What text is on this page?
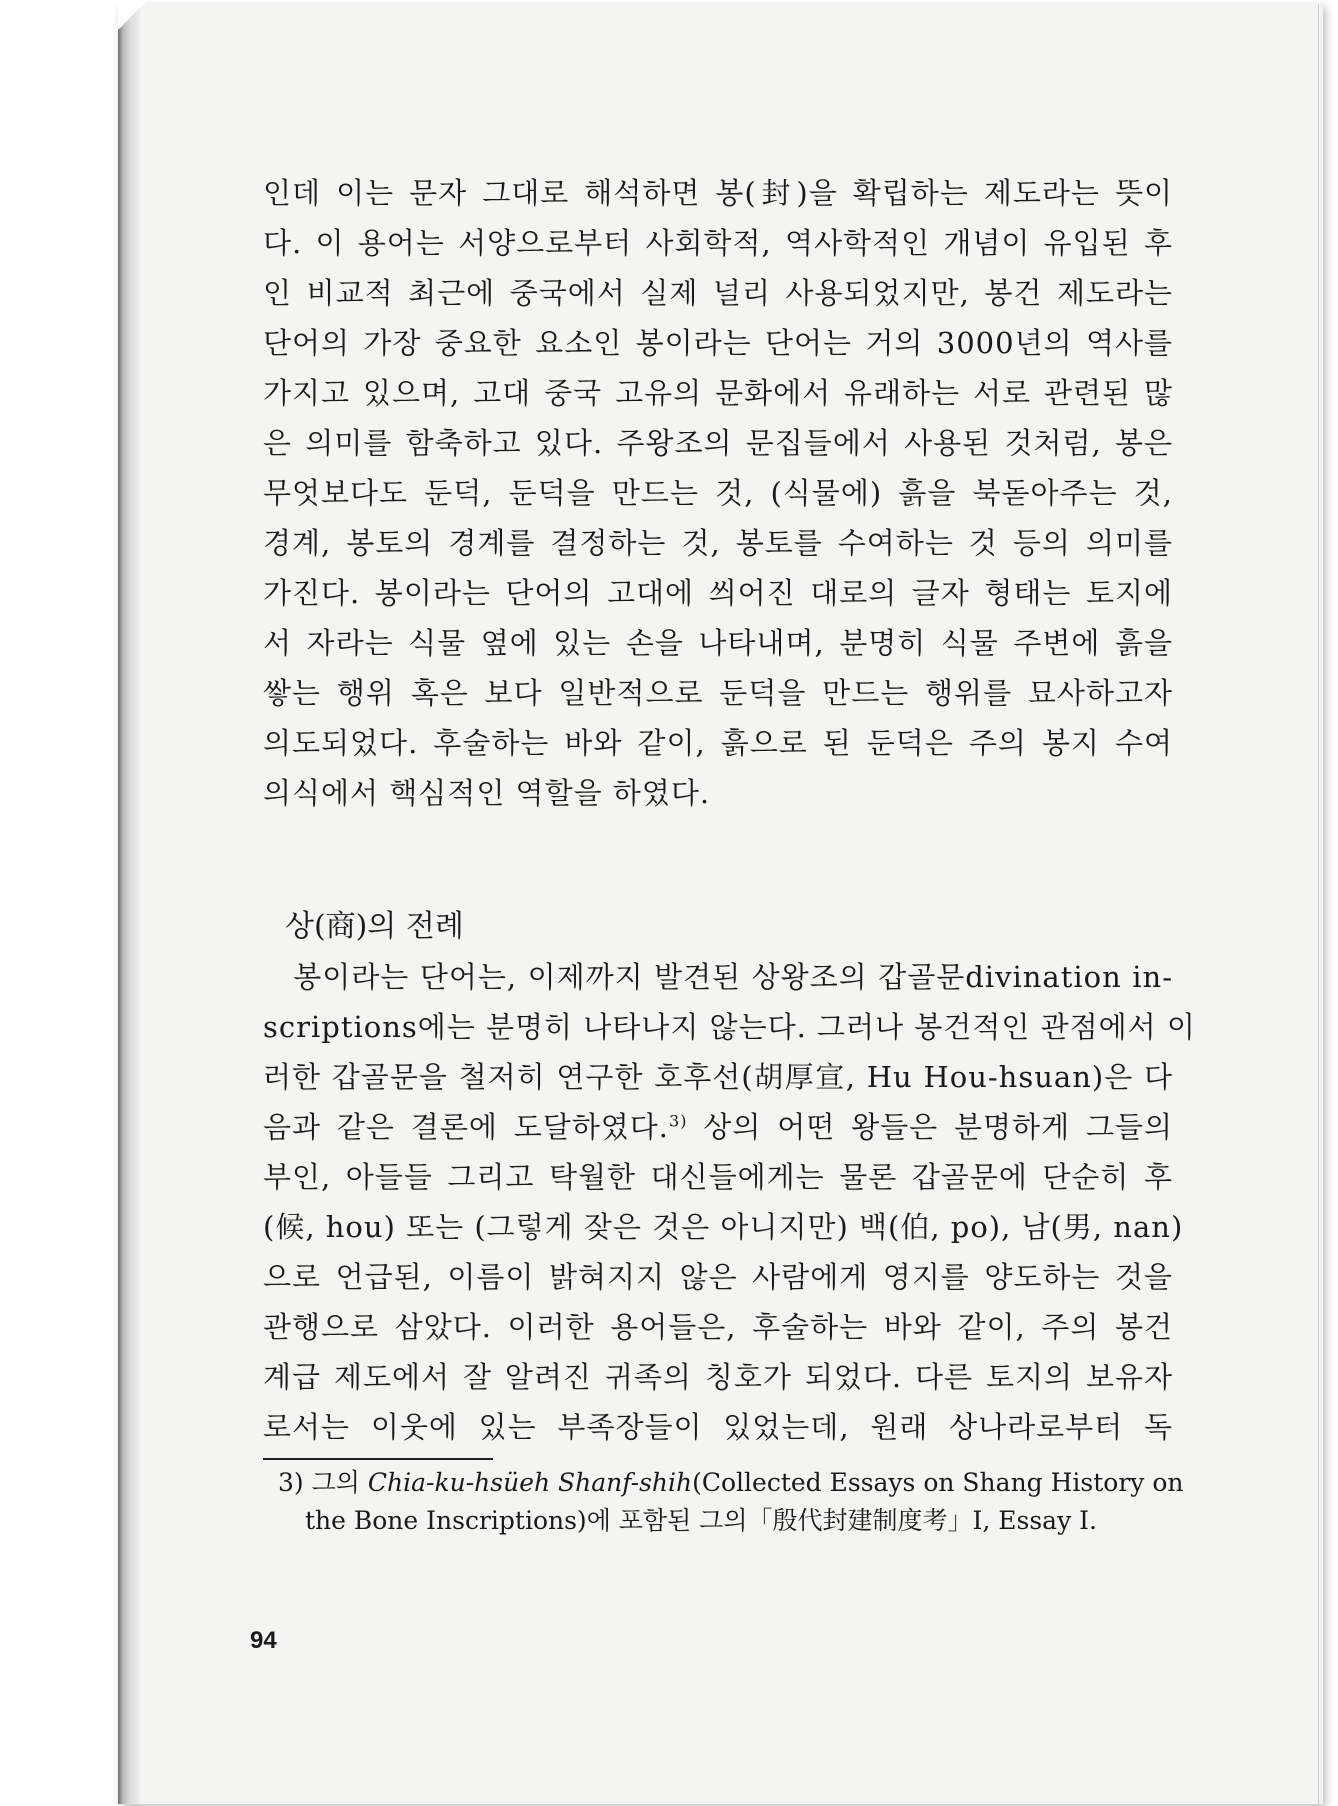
인데 이는 문자 그대로 해석하면 봉(封)을 확립하는 제도라는 뜻이
다. 이 용어는 서양으로부터 사회학적, 역사학적인 개념이 유입된 후
인 비교적 최근에 중국에서 실제 널리 사용되었지만, 봉건 제도라는
단어의 가장 중요한 요소인 봉이라는 단어는 거의 3000년의 역사를
가지고 있으며, 고대 중국 고유의 문화에서 유래하는 서로 관련된 많
은 의미를 함축하고 있다. 주왕조의 문집들에서 사용된 것처럼, 봉은
무엇보다도 둔덕, 둔덕을 만드는 것, (식물에) 흙을 북돋아주는 것,
경계, 봉토의 경계를 결정하는 것, 봉토를 수여하는 것 등의 의미를
가진다. 봉이라는 단어의 고대에 씌어진 대로의 글자 형태는 토지에
서 자라는 식물 옆에 있는 손을 나타내며, 분명히 식물 주변에 흙을
쌓는 행위 혹은 보다 일반적으로 둔덕을 만드는 행위를 묘사하고자
의도되었다. 후술하는 바와 같이, 흙으로 된 둔덕은 주의 봉지 수여
의식에서 핵심적인 역할을 하였다.
상(商)의 전례
　봉이라는 단어는, 이제까지 발견된 상왕조의 갑골문divination in-
scriptions에는 분명히 나타나지 않는다. 그러나 봉건적인 관점에서 이
러한 갑골문을 철저히 연구한 호후선(胡厚宣, Hu Hou-hsuan)은 다
음과 같은 결론에 도달하였다.$^{3)}$ 상의 어떤 왕들은 분명하게 그들의
부인, 아들들 그리고 탁월한 대신들에게는 물론 갑골문에 단순히 후
(候, hou) 또는 (그렇게 잦은 것은 아니지만) 백(伯, po), 남(男, nan)
으로 언급된, 이름이 밝혀지지 않은 사람에게 영지를 양도하는 것을
관행으로 삼았다. 이러한 용어들은, 후술하는 바와 같이, 주의 봉건
계급 제도에서 잘 알려진 귀족의 칭호가 되었다. 다른 토지의 보유자
로서는 이웃에 있는 부족장들이 있었는데, 원래 상나라로부터 독
3) 그의 Chia-ku-hsüeh Shanf-shih(Collected Essays on Shang History on
the Bone Inscriptions)에 포함된 그의「殷代封建制度考」Ⅰ, Essay Ⅰ.
94
